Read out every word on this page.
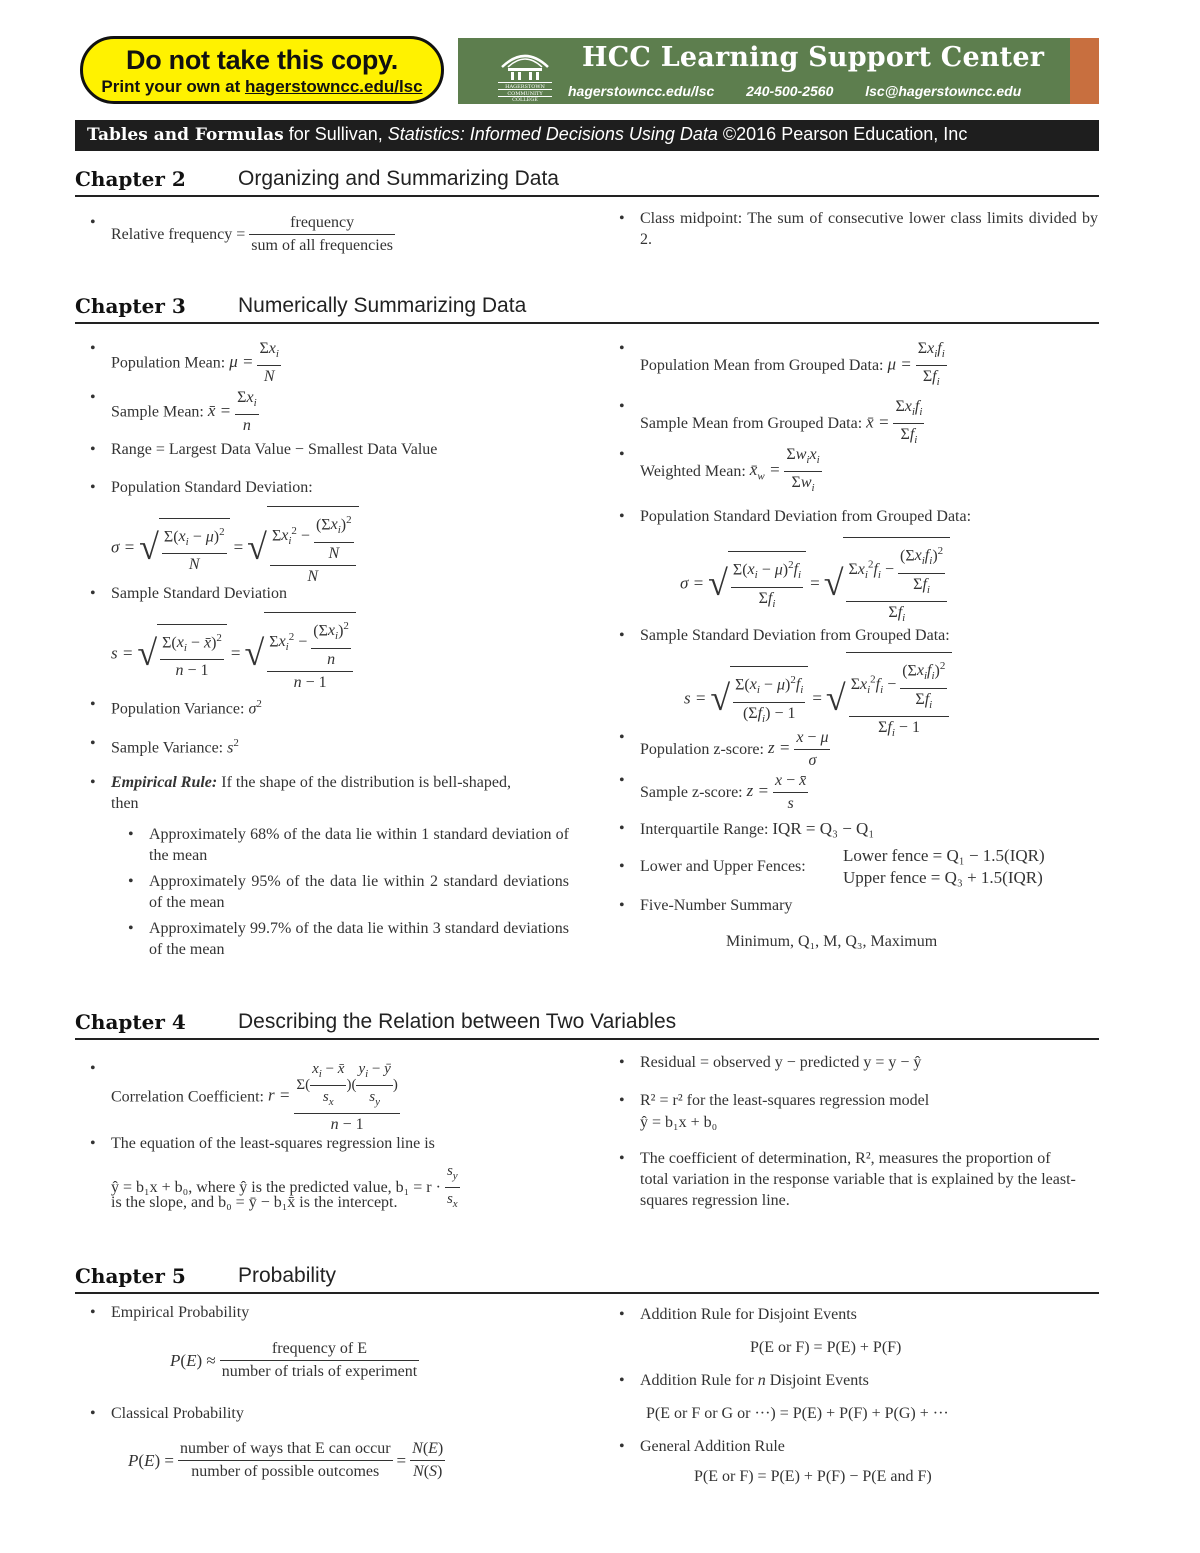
Do not take this copy.
Print your own at hagerstowncc.edu/lsc	HAGERSTOWN
COMMUNITY
COLLEGE
HCC Learning Support Center
hagerstowncc.edu/lsc 240-500-2560 lsc@hagerstowncc.edu
Tables and Formulas for Sullivan, Statistics: Informed Decisions Using Data ©2016 Pearson Education, Inc
Chapter 2 Organizing and Summarizing Data
• Relative frequency = $\frac{\text{frequency}}{\text{sum of all frequencies}}$
•	Class midpoint: The sum of consecutive lower class limits divided by 2.
Chapter 3 Numerically Summarizing Data
• Population Mean: $\mu = \frac{\Sigma x_i}{N}$
• Sample Mean: x̄ = $\frac{\Sigma x_i}{n}$
• Range = Largest Data Value − Smallest Data Value
• Population Standard Deviation:
σ = √ $\frac{\Sigma(x_i - \mu)^2}{N}$ = √ $\frac{\Sigma x_i^2 - \frac{(\Sigma x_i)^2}{N}}{N}$
• Sample Standard Deviation
s = √ $\frac{\Sigma(x_i - x̄)^2}{n - 1}$ = √ $\frac{\Sigma x_i^2 - \frac{(\Sigma x_i)^2}{n}}{n - 1}$
• Population Variance: $\sigma^2$
• Sample Variance: $s^2$
• Empirical Rule: If the shape of the distribution is bell-shaped, then
• Approximately 68% of the data lie within 1 standard deviation of the mean
• Approximately 95% of the data lie within 2 standard deviations of the mean
• Approximately 99.7% of the data lie within 3 standard deviations of the mean
• Population Mean from Grouped Data: $\mu = \frac{\Sigma x_if_i}{\Sigma f_i}$
• Sample Mean from Grouped Data: x̄ = $\frac{\Sigma x_if_i}{\Sigma f_i}$
• Weighted Mean: $x̄_w = \frac{\Sigma w_ix_i}{\Sigma w_i}$
• Population Standard Deviation from Grouped Data:
σ = √ $\frac{\Sigma(x_i - \mu)^2f_i}{\Sigma f_i}$ = √ $\frac{\Sigma x_i^2f_i - \frac{(\Sigma x_if_i)^2}{\Sigma f_i}}{\Sigma f_i}$
• Sample Standard Deviation from Grouped Data:
s = √ $\frac{\Sigma(x_i - \mu)^2f_i}{(\Sigma f_i) - 1}$ = √ $\frac{\Sigma x_i^2f_i - \frac{(\Sigma x_if_i)^2}{\Sigma f_i}}{\Sigma f_i - 1}$
• Population z-score: $z = \frac{x - \mu}{\sigma}$
• Sample z-score: $z = \frac{x - x̄}{s}$
• Interquartile Range: IQR = Q₃ − Q₁
• Lower and Upper Fences:
Lower fence = Q₁ − 1.5(IQR)
Upper fence = Q₃ + 1.5(IQR)
• Five-Number Summary
Minimum, Q₁, M, Q₃, Maximum
Chapter 4 Describing the Relation between Two Variables
• Correlation Coefficient: $r = \frac{\Sigma( \frac{x_i - x̄}{s_x} )( \frac{y_i - ȳ}{s_y} )}{n - 1}$
• The equation of the least-squares regression line is
ŷ = b₁x + b₀, where ŷ is the predicted value, $b_1 = r \cdot \frac{s_y}{s_x}$
is the slope, and b₀ = ȳ − b₁x̄ is the intercept.
• Residual = observed y − predicted y = y − ŷ
• R² = r² for the least-squares regression model
ŷ = b₁x + b₀
• The coefficient of determination, R², measures the proportion of total variation in the response variable that is explained by the least-squares regression line.
Chapter 5 Probability
• Empirical Probability
$P(E) \approx \frac{\text{frequency of E}}{\text{number of trials of experiment}}$
• Classical Probability
$P(E) = \frac{\text{number of ways that E can occur}}{\text{number of possible outcomes}} = \frac{N(E)}{N(S)}$
• Addition Rule for Disjoint Events
P(E or F) = P(E) + P(F)
• Addition Rule for n Disjoint Events
P(E or F or G or ···) = P(E) + P(F) + P(G) + ···
• General Addition Rule
P(E or F) = P(E) + P(F) − P(E and F)
